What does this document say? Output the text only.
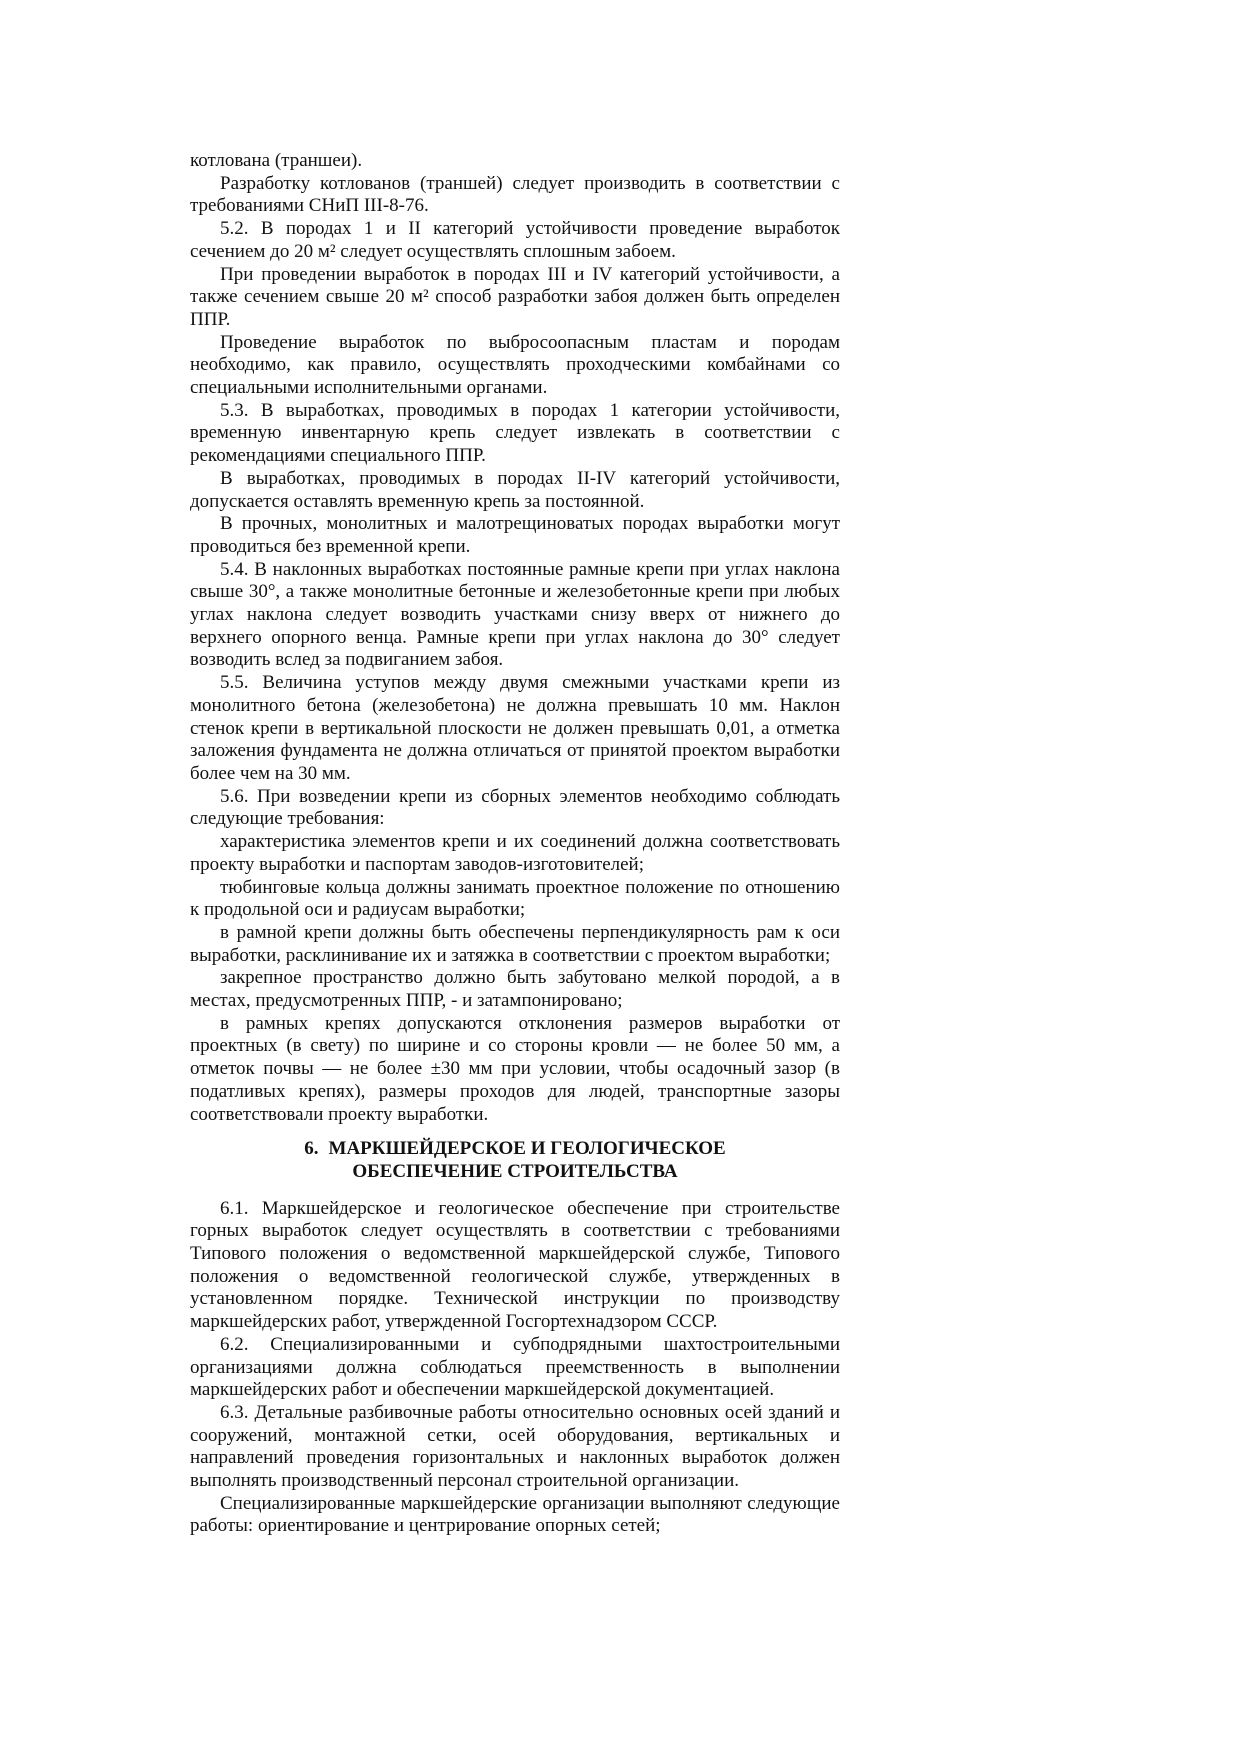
котлована (траншеи).

Разработку котлованов (траншей) следует производить в соответствии с требованиями СНиП III-8-76.

5.2. В породах 1 и II категорий устойчивости проведение выработок сечением до 20 м² следует осуществлять сплошным забоем.

При проведении выработок в породах III и IV категорий устойчивости, а также сечением свыше 20 м² способ разработки забоя должен быть определен ППР.

Проведение выработок по выбросоопасным пластам и породам необходимо, как правило, осуществлять проходческими комбайнами со специальными исполнительными органами.

5.3. В выработках, проводимых в породах 1 категории устойчивости, временную инвентарную крепь следует извлекать в соответствии с рекомендациями специального ППР.

В выработках, проводимых в породах II-IV категорий устойчивости, допускается оставлять временную крепь за постоянной.

В прочных, монолитных и малотрещиноватых породах выработки могут проводиться без временной крепи.

5.4. В наклонных выработках постоянные рамные крепи при углах наклона свыше 30°, а также монолитные бетонные и железобетонные крепи при любых углах наклона следует возводить участками снизу вверх от нижнего до верхнего опорного венца. Рамные крепи при углах наклона до 30° следует возводить вслед за подвиганием забоя.

5.5. Величина уступов между двумя смежными участками крепи из монолитного бетона (железобетона) не должна превышать 10 мм. Наклон стенок крепи в вертикальной плоскости не должен превышать 0,01, а отметка заложения фундамента не должна отличаться от принятой проектом выработки более чем на 30 мм.

5.6. При возведении крепи из сборных элементов необходимо соблюдать следующие требования:

характеристика элементов крепи и их соединений должна соответствовать проекту выработки и паспортам заводов-изготовителей;

тюбинговые кольца должны занимать проектное положение по отношению к продольной оси и радиусам выработки;

в рамной крепи должны быть обеспечены перпендикулярность рам к оси выработки, расклинивание их и затяжка в соответствии с проектом выработки;

закрепное пространство должно быть забутовано мелкой породой, а в местах, предусмотренных ППР, - и затампонировано;

в рамных крепях допускаются отклонения размеров выработки от проектных (в свету) по ширине и со стороны кровли — не более 50 мм, а отметок почвы — не более ±30 мм при условии, чтобы осадочный зазор (в податливых крепях), размеры проходов для людей, транспортные зазоры соответствовали проекту выработки.

6. МАРКШЕЙДЕРСКОЕ И ГЕОЛОГИЧЕСКОЕ
ОБЕСПЕЧЕНИЕ СТРОИТЕЛЬСТВА

6.1. Маркшейдерское и геологическое обеспечение при строительстве горных выработок следует осуществлять в соответствии с требованиями Типового положения о ведомственной маркшейдерской службе, Типового положения о ведомственной геологической службе, утвержденных в установленном порядке. Технической инструкции по производству маркшейдерских работ, утвержденной Госгортехнадзором СССР.

6.2. Специализированными и субподрядными шахтостроительными организациями должна соблюдаться преемственность в выполнении маркшейдерских работ и обеспечении маркшейдерской документацией.

6.3. Детальные разбивочные работы относительно основных осей зданий и сооружений, монтажной сетки, осей оборудования, вертикальных и направлений проведения горизонтальных и наклонных выработок должен выполнять производственный персонал строительной организации.

Специализированные маркшейдерские организации выполняют следующие работы: ориентирование и центрирование опорных сетей;
